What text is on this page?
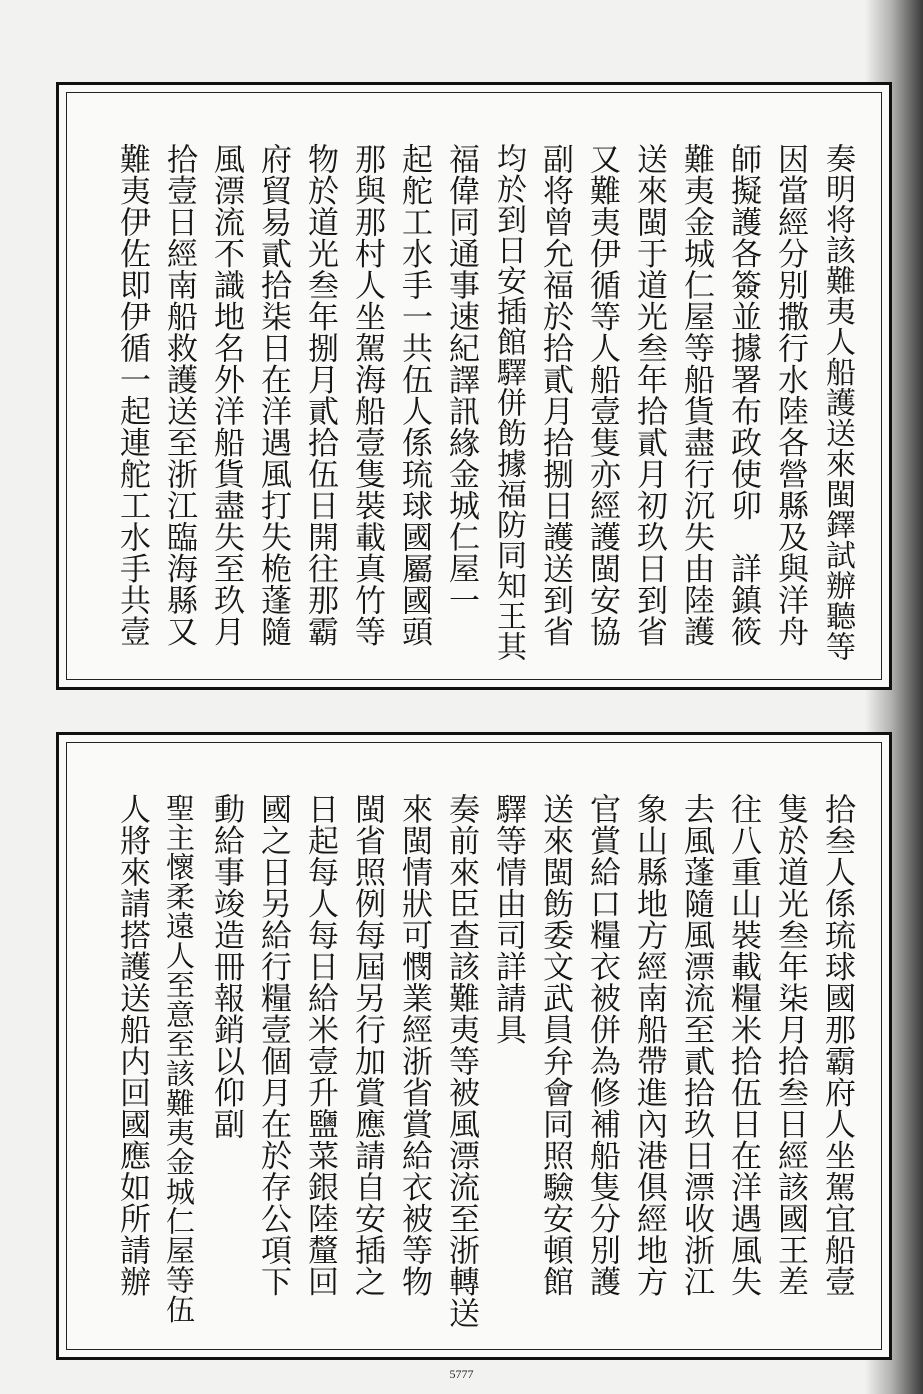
奏明将該難夷人船護送來閩鐸試辦聽等
因當經分別撒行水陸各營縣及與洋舟
師擬護各簽並據署布政使卯　詳鎮筱
難夷金城仁屋等船貨盡行沉失由陸護
送來閩于道光叁年拾貳月初玖日到省
又難夷伊循等人船壹隻亦經護閩安協
副将曾允福於拾貳月拾捌日護送到省
均於到日安插館驛併飭據福防同知王其
福偉同通事速紀譯訊緣金城仁屋一
起舵工水手一共伍人係琉球國屬國頭
那與那村人坐駕海船壹隻裝載真竹等
物於道光叁年捌月貳拾伍日開往那霸
府貿易貳拾柒日在洋遇風打失桅蓬隨
風漂流不識地名外洋船貨盡失至玖月
拾壹日經南船救護送至浙江臨海縣又
難夷伊佐即伊循一起連舵工水手共壹
拾叁人係琉球國那霸府人坐駕宜船壹
隻於道光叁年柒月拾叁日經該國王差
往八重山裝載糧米拾伍日在洋遇風失
去風蓬隨風漂流至貳拾玖日漂收浙江
象山縣地方經南船帶進內港俱經地方
官賞給口糧衣被併為修補船隻分別護
送來閩飭委文武員弁會同照驗安頓館
驛等情由司詳請具
奏前來臣查該難夷等被風漂流至浙轉送
來閩情狀可憫業經浙省賞給衣被等物
閩省照例每屆另行加賞應請自安插之
日起每人每日給米壹升鹽菜銀陸釐回
國之日另給行糧壹個月在於存公項下
動給事竣造冊報銷以仰副
聖主懷柔遠人至意至該難夷金城仁屋等伍
人將來請搭護送船内回國應如所請辦
5777
